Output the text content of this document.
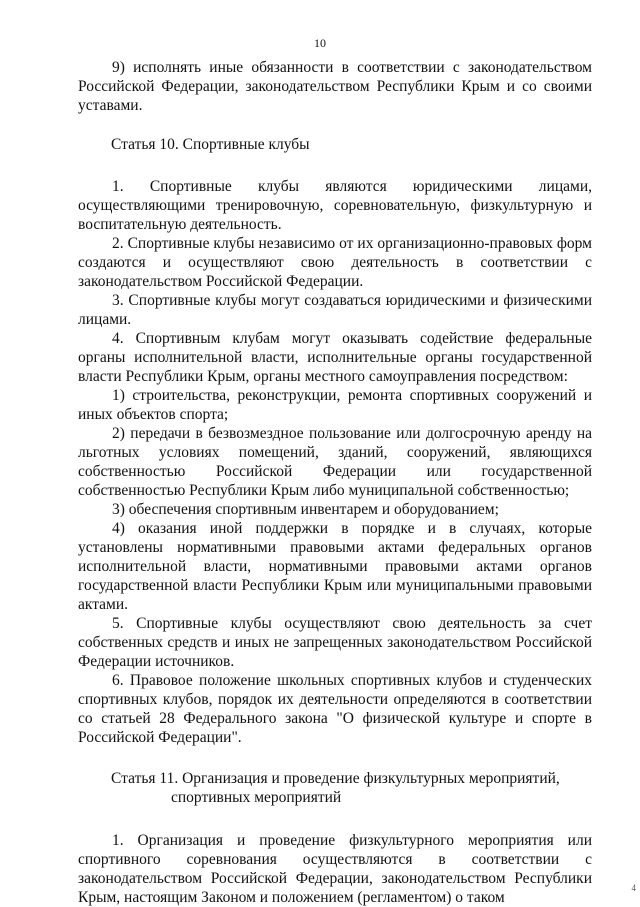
10

9) исполнять иные обязанности в соответствии с законодательством Российской Федерации, законодательством Республики Крым и со своими уставами.

Статья 10. Спортивные клубы

1. Спортивные клубы являются юридическими лицами, осуществляющими тренировочную, соревновательную, физкультурную и воспитательную деятельность.

2. Спортивные клубы независимо от их организационно-правовых форм создаются и осуществляют свою деятельность в соответствии с законодательством Российской Федерации.

3. Спортивные клубы могут создаваться юридическими и физическими лицами.

4. Спортивным клубам могут оказывать содействие федеральные органы исполнительной власти, исполнительные органы государственной власти Республики Крым, органы местного самоуправления посредством:

1) строительства, реконструкции, ремонта спортивных сооружений и иных объектов спорта;

2) передачи в безвозмездное пользование или долгосрочную аренду на льготных условиях помещений, зданий, сооружений, являющихся собственностью Российской Федерации или государственной собственностью Республики Крым либо муниципальной собственностью;

3) обеспечения спортивным инвентарем и оборудованием;

4) оказания иной поддержки в порядке и в случаях, которые установлены нормативными правовыми актами федеральных органов исполнительной власти, нормативными правовыми актами органов государственной власти Республики Крым или муниципальными правовыми актами.

5. Спортивные клубы осуществляют свою деятельность за счет собственных средств и иных не запрещенных законодательством Российской Федерации источников.

6. Правовое положение школьных спортивных клубов и студенческих спортивных клубов, порядок их деятельности определяются в соответствии со статьей 28 Федерального закона "О физической культуре и спорте в Российской Федерации".

Статья 11. Организация и проведение физкультурных мероприятий,
спортивных мероприятий

1. Организация и проведение физкультурного мероприятия или спортивного соревнования осуществляются в соответствии с законодательством Российской Федерации, законодательством Республики Крым, настоящим Законом и положением (регламентом) о таком

4
